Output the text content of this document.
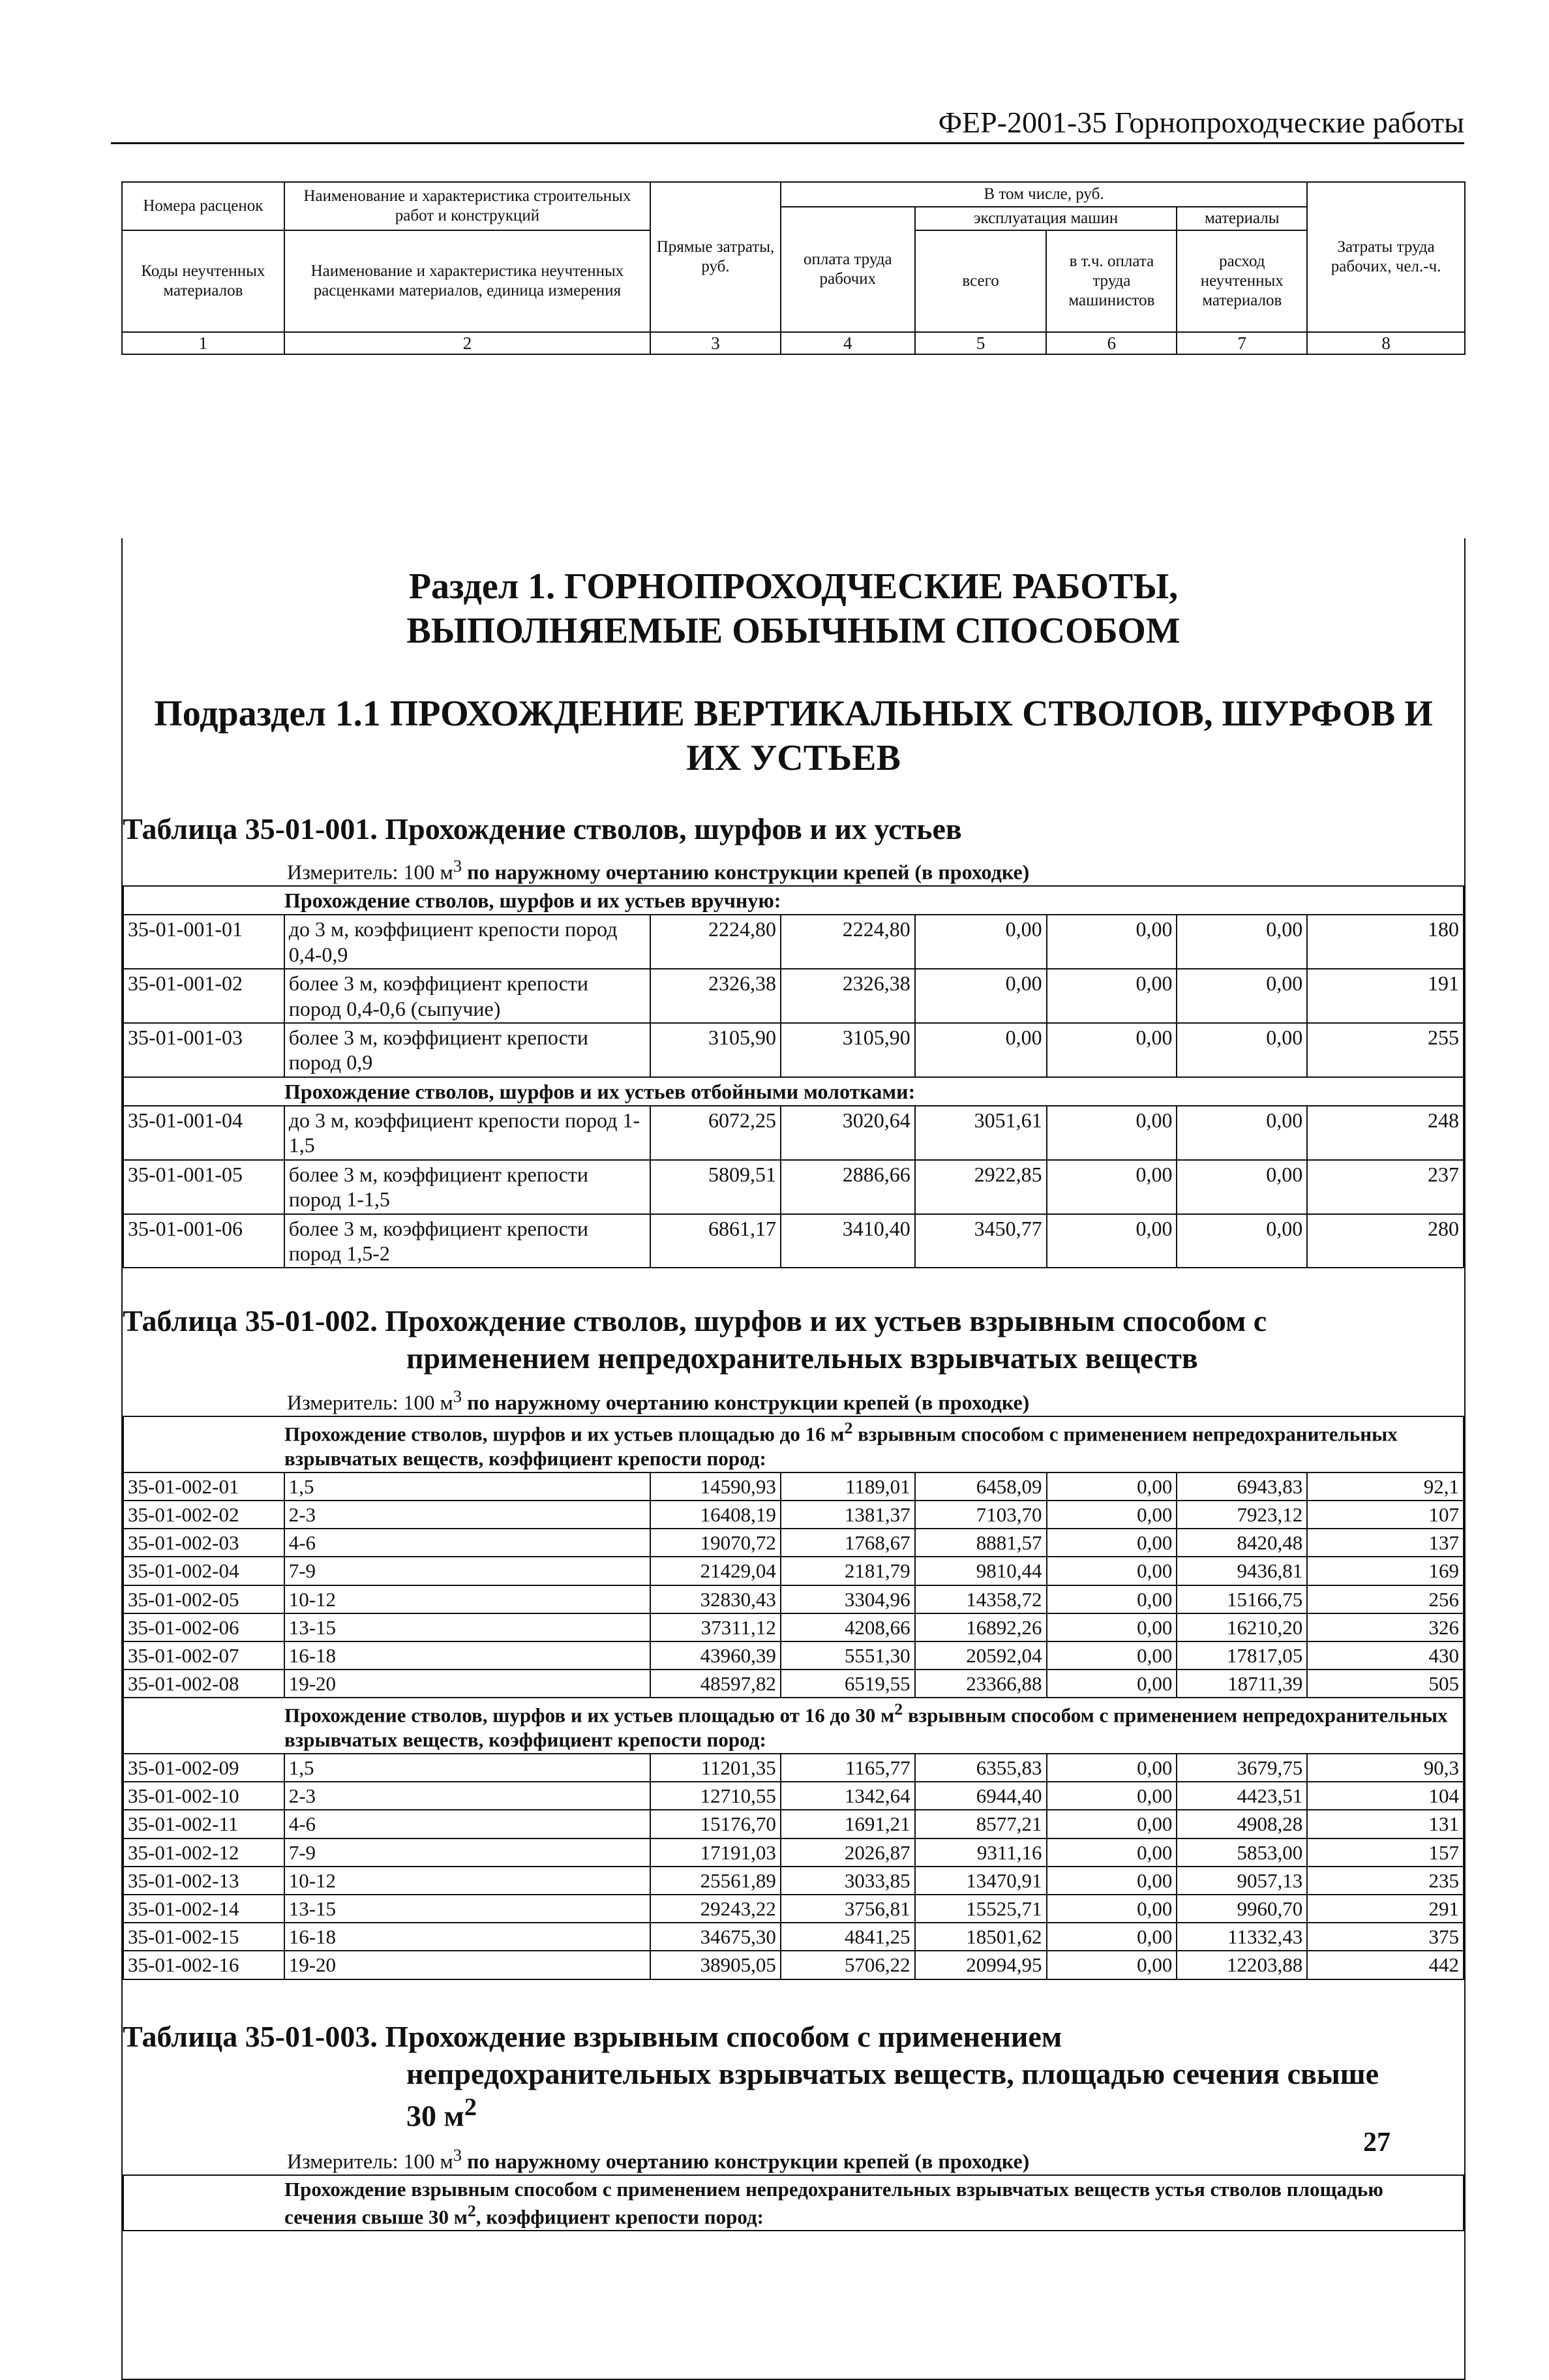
ФЕР-2001-35 Горнопроходческие работы
Номера расценок	Наименование и характеристика строительных работ и конструкций	Прямые затраты, руб.	В том числе, руб.				Затраты труда рабочих, чел.-ч.
			оплата труда рабочих	эксплуатация машин		материалы	
Коды неучтенных материалов	Наименование и характеристика неучтенных расценками материалов, единица измерения			всего	в т.ч. оплата труда машинистов	расход неучтенных материалов	
1	2	3	4	5	6	7	8
Раздел 1. ГОРНОПРОХОДЧЕСКИЕ РАБОТЫ, ВЫПОЛНЯЕМЫЕ ОБЫЧНЫМ СПОСОБОМ
Подраздел 1.1 ПРОХОЖДЕНИЕ ВЕРТИКАЛЬНЫХ СТВОЛОВ, ШУРФОВ И ИХ УСТЬЕВ
Таблица 35-01-001. Прохождение стволов, шурфов и их устьев
Измеритель: 100 $м^3$ по наружному очертанию конструкции крепей (в проходке)
Прохождение стволов, шурфов и их устьев вручную:							
35-01-001-01	до 3 м, коэффициент крепости пород 0,4-0,9	2224,80	2224,80	0,00	0,00	0,00	180
35-01-001-02	более 3 м, коэффициент крепости пород 0,4-0,6 (сыпучие)	2326,38	2326,38	0,00	0,00	0,00	191
35-01-001-03	более 3 м, коэффициент крепости пород 0,9	3105,90	3105,90	0,00	0,00	0,00	255
Прохождение стволов, шурфов и их устьев отбойными молотками:							
35-01-001-04	до 3 м, коэффициент крепости пород 1-1,5	6072,25	3020,64	3051,61	0,00	0,00	248
35-01-001-05	более 3 м, коэффициент крепости пород 1-1,5	5809,51	2886,66	2922,85	0,00	0,00	237
35-01-001-06	более 3 м, коэффициент крепости пород 1,5-2	6861,17	3410,40	3450,77	0,00	0,00	280
Таблица 35-01-002. Прохождение стволов, шурфов и их устьев взрывным способом с
применением непредохранительных взрывчатых веществ
Измеритель: 100 $м^3$ по наружному очертанию конструкции крепей (в проходке)
Прохождение стволов, шурфов и их устьев площадью до 16 $м^2$ взрывным способом с применением непредохранительных взрывчатых веществ, коэффициент крепости пород:							
35-01-002-01	1,5	14590,93	1189,01	6458,09	0,00	6943,83	92,1
35-01-002-02	2-3	16408,19	1381,37	7103,70	0,00	7923,12	107
35-01-002-03	4-6	19070,72	1768,67	8881,57	0,00	8420,48	137
35-01-002-04	7-9	21429,04	2181,79	9810,44	0,00	9436,81	169
35-01-002-05	10-12	32830,43	3304,96	14358,72	0,00	15166,75	256
35-01-002-06	13-15	37311,12	4208,66	16892,26	0,00	16210,20	326
35-01-002-07	16-18	43960,39	5551,30	20592,04	0,00	17817,05	430
35-01-002-08	19-20	48597,82	6519,55	23366,88	0,00	18711,39	505
Прохождение стволов, шурфов и их устьев площадью от 16 до 30 $м^2$ взрывным способом с применением непредохранительных взрывчатых веществ, коэффициент крепости пород:							
35-01-002-09	1,5	11201,35	1165,77	6355,83	0,00	3679,75	90,3
35-01-002-10	2-3	12710,55	1342,64	6944,40	0,00	4423,51	104
35-01-002-11	4-6	15176,70	1691,21	8577,21	0,00	4908,28	131
35-01-002-12	7-9	17191,03	2026,87	9311,16	0,00	5853,00	157
35-01-002-13	10-12	25561,89	3033,85	13470,91	0,00	9057,13	235
35-01-002-14	13-15	29243,22	3756,81	15525,71	0,00	9960,70	291
35-01-002-15	16-18	34675,30	4841,25	18501,62	0,00	11332,43	375
35-01-002-16	19-20	38905,05	5706,22	20994,95	0,00	12203,88	442
Таблица 35-01-003. Прохождение взрывным способом с применением
непредохранительных взрывчатых веществ, площадью сечения свыше
30 $м^2$
Измеритель: 100 $м^3$ по наружному очертанию конструкции крепей (в проходке)
Прохождение взрывным способом с применением непредохранительных взрывчатых веществ устья стволов площадью сечения свыше 30 $м^2$, коэффициент крепости пород:
27
